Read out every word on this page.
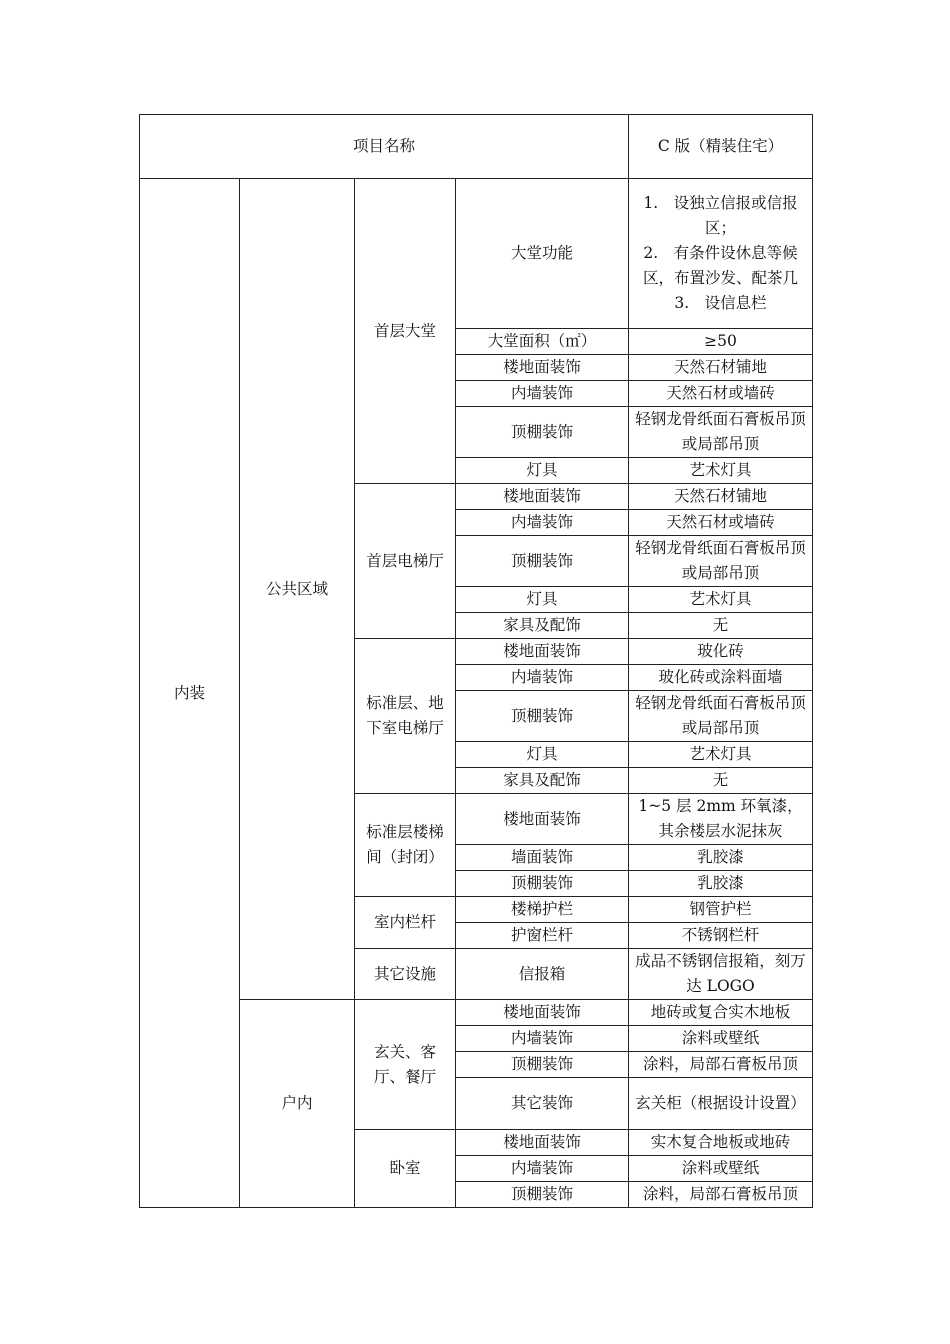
项目名称				C 版（精装住宅）
内装	公共区域	首层大堂	大堂功能	1.　设独立信报或信报区；
2.　有条件设休息等候区，布置沙发、配茶几
3.　设信息栏

			大堂面积（㎡）	≥50
			楼地面装饰	天然石材铺地
			内墙装饰	天然石材或墙砖
			顶棚装饰	轻钢龙骨纸面石膏板吊顶或局部吊顶
			灯具	艺术灯具
		首层电梯厅	楼地面装饰	天然石材铺地
			内墙装饰	天然石材或墙砖
			顶棚装饰	轻钢龙骨纸面石膏板吊顶或局部吊顶
			灯具	艺术灯具
			家具及配饰	无
		标准层、地下室电梯厅	楼地面装饰	玻化砖
			内墙装饰	玻化砖或涂料面墙
			顶棚装饰	轻钢龙骨纸面石膏板吊顶或局部吊顶
			灯具	艺术灯具
			家具及配饰	无
		标准层楼梯间（封闭）	楼地面装饰	1~5 层 2mm 环氧漆，其余楼层水泥抹灰
			墙面装饰	乳胶漆
			顶棚装饰	乳胶漆
		室内栏杆	楼梯护栏	钢管护栏
			护窗栏杆	不锈钢栏杆
		其它设施	信报箱	成品不锈钢信报箱，刻万达 LOGO
	户内	玄关、客厅、餐厅	楼地面装饰	地砖或复合实木地板
			内墙装饰	涂料或壁纸
			顶棚装饰	涂料，局部石膏板吊顶
			其它装饰	玄关柜（根据设计设置）
		卧室	楼地面装饰	实木复合地板或地砖
			内墙装饰	涂料或壁纸
			顶棚装饰	涂料，局部石膏板吊顶
